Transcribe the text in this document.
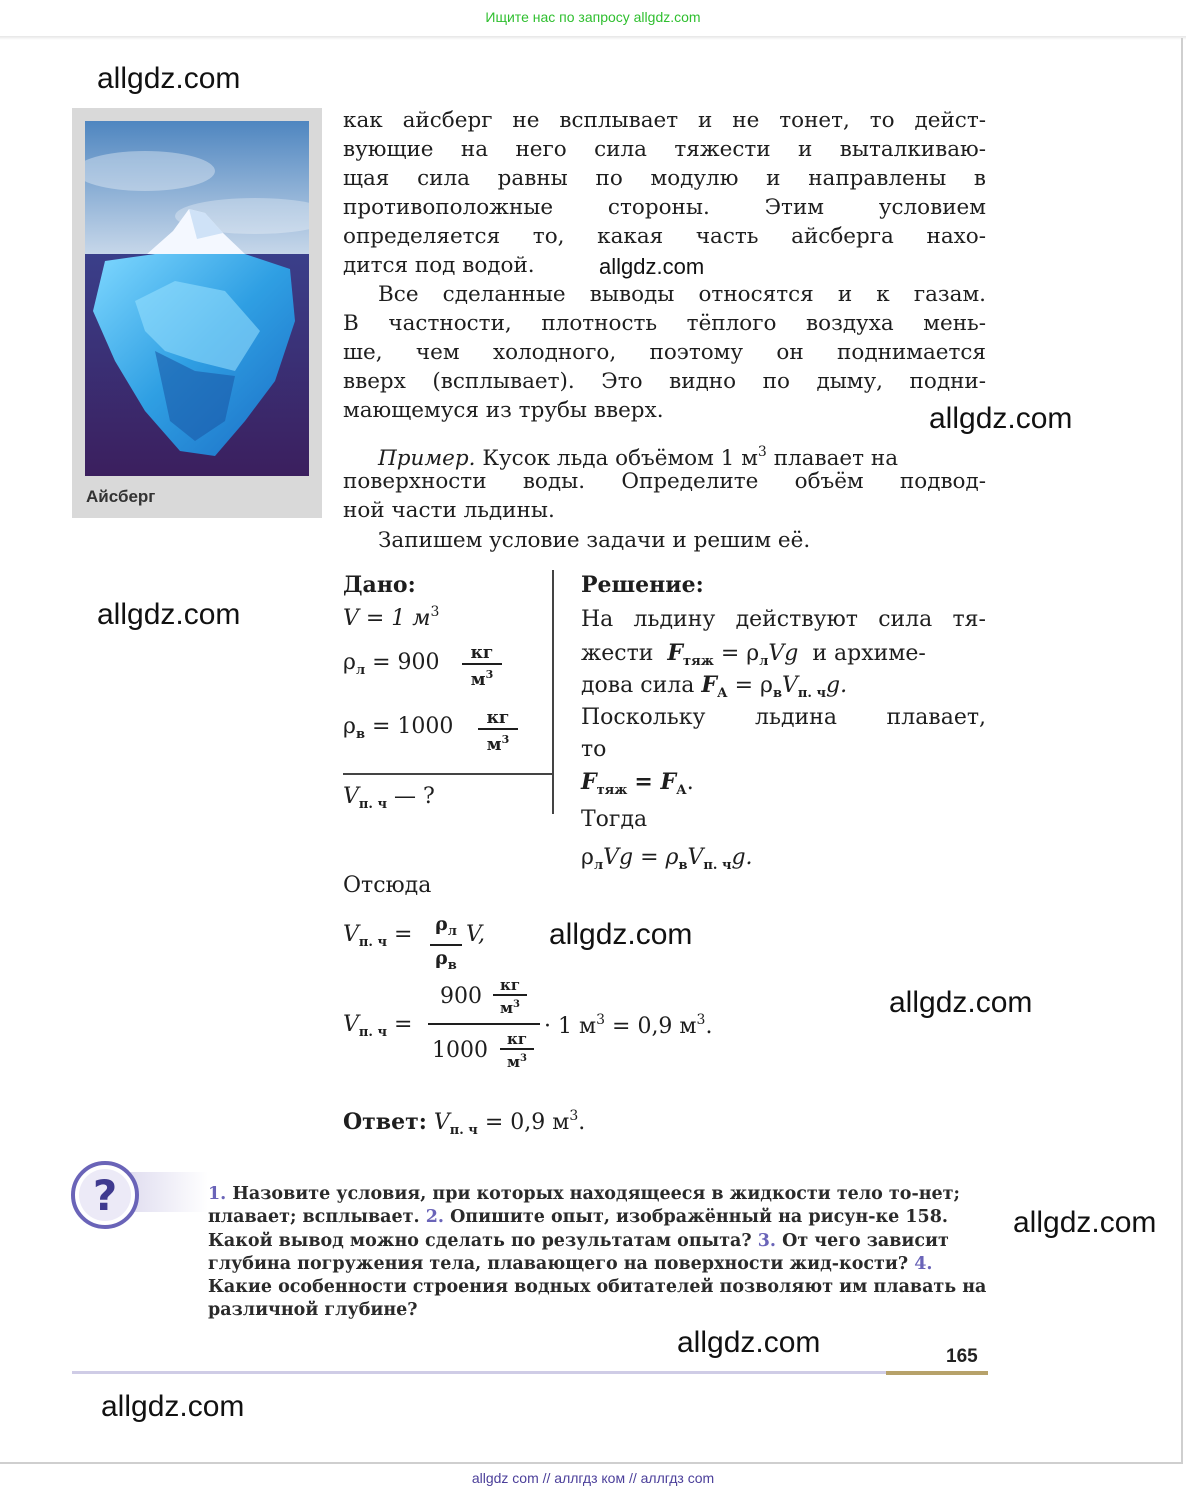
Ищите нас по запросу allgdz.com
allgdz.com
allgdz.com
allgdz.com
allgdz.com
allgdz.com
allgdz.com
allgdz.com
allgdz.com
allgdz.com
Айсберг
как айсберг не всплывает и не тонет, то дейст-
вующие на него сила тяжести и выталкиваю-
щая сила равны по модулю и направлены в
противоположные стороны. Этим условием
определяется то, какая часть айсберга нахо-
дится под водой.
Все сделанные выводы относятся и к газам.
В частности, плотность тёплого воздуха мень-
ше, чем холодного, поэтому он поднимается
вверх (всплывает). Это видно по дыму, подни-
мающемуся из трубы вверх.
Пример. Кусок льда объёмом 1 $м^3$ плавает на
поверхности воды. Определите объём подвод-
ной части льдины.
Запишем условие задачи и решим её.
Дано:
V = 1 $м^3$
$\rho_л = 900$	кг
$м^3$
$\rho_в = 1000$	кг
$м^3$
$V_{п. ч}$ — ?
Решение:
На льдину действуют сила тя-
жести $F_{тяж} = \rho_лVg$ и архиме-
дова сила $F_А = \rho_вV_{п. ч}g$.
Поскольку льдина плавает,
то
$F_{тяж} = F_А$.
Тогда
$\rho_лVg = \rho_вV_{п. ч}g$.
Отсюда
$V_{п. ч} = \rho_л$
$\rho_в$
V,
$V_{п. ч}$ =
900	кг
$м^3$
1000	кг
$м^3$
· 1 $м^3 = 0,9$ $м^3$.
Ответ: $V_{п. ч} = 0,9$ $м^3$.
?	1. Назовите условия, при которых находящееся в жидкости тело то-нет; плавает; всплывает. 2. Опишите опыт, изображённый на рисун-ке 158. Какой вывод можно сделать по результатам опыта? 3. От чего зависит глубина погружения тела, плавающего на поверхности жид-кости? 4. Какие особенности строения водных обитателей позволяют им плавать на различной глубине?
165
allgdz com // аллгдз ком // аллгдз com
